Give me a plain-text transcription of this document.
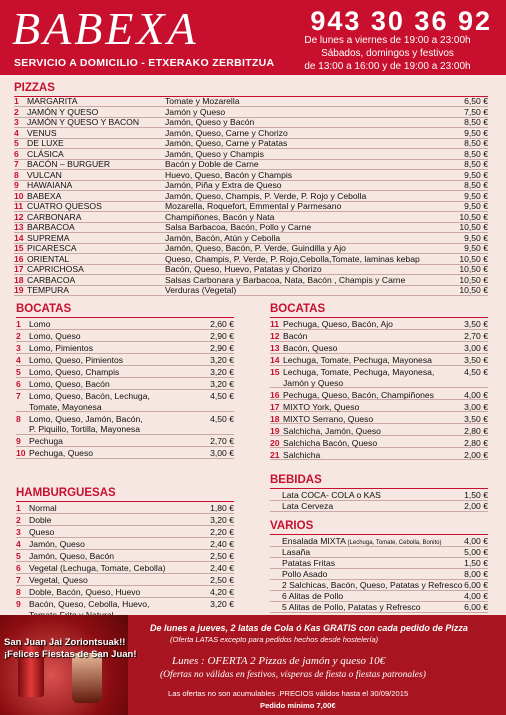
BABEXA
SERVICIO A DOMICILIO - ETXERAKO ZERBITZUA
943 30 36 92
De lunes a viernes de 19:00 a 23:00h
Sábados, domingos y festivos
de 13:00 a 16:00 y de 19:00 a 23:00h
PIZZAS
1 MARGARITA	Tomate y Mozarella	6,50 €
2 JAMÓN Y QUESO	Jamón y Queso	7,50 €
3 JAMÓN Y QUESO Y BACON	Jamón, Queso y Bacón	8,50 €
4 VENUS	Jamón, Queso, Carne y Chorizo	9,50 €
5 DE LUXE	Jamón, Queso, Carne y Patatas	8,50 €
6 CLÁSICA	Jamón, Queso y Champis	8,50 €
7 BACÓN – BURGUER	Bacón y Doble de Carne	8,50 €
8 VULCAN	Huevo, Queso, Bacón y Champis	9,50 €
9 HAWAIANA	Jamón, Piña y Extra de Queso	8,50 €
10 BABEXA	Jamón, Queso, Champis, P. Verde, P. Rojo y Cebolla	9,50 €
11 CUATRO QUESOS	Mozarella, Roquefort, Emmental y Parmesano	9,50 €
12 CARBONARA	Champiñones, Bacón y Nata	10,50 €
13 BARBACOA	Salsa Barbacoa, Bacón, Pollo y Carne	10,50 €
14 SUPREMA	Jamón, Bacón, Atún y Cebolla	9,50 €
15 PICARESCA	Jamón, Queso, Bacón, P. Verde, Guindilla y Ajo	9,50 €
16 ORIENTAL	Queso, Champis, P. Verde, P. Rojo,Cebolla,Tomate, laminas kebap	10,50 €
17 CAPRICHOSA	Bacón, Queso, Huevo, Patatas y Chorizo	10,50 €
18 CARBACOA	Salsas Carbonara y Barbacoa, Nata, Bacón , Champis y Carne	10,50 €
19 TEMPURA	Verduras (Vegetal)	10,50 €
BOCATAS
1 Lomo	2,60 €
2 Lomo, Queso	2,90 €
3 Lomo, Pimientos	2,90 €
4 Lomo, Queso, Pimientos	3,20 €
5 Lomo, Queso, Champis	3,20 €
6 Lomo, Queso, Bacón	3,20 €
7 Lomo, Queso, Bacón, Lechuga,
Tomate, Mayonesa
4,50 €
8 Lomo, Queso, Jamón, Bacón,
P. Piquillo, Tortilla, Mayonesa
4,50 €
9 Pechuga	2,70 €
10 Pechuga, Queso	3,00 €
BOCATAS
11 Pechuga, Queso, Bacón, Ajo	3,50 €
12 Bacón	2,70 €
13 Bacón, Queso	3,00 €
14 Lechuga, Tomate, Pechuga, Mayonesa	3,50 €
15 Lechuga, Tomate, Pechuga, Mayonesa,
Jamón y Queso
4,50 €
16 Pechuga, Queso, Bacón, Champiñones	4,00 €
17 MIXTO York, Queso	3,00 €
18 MIXTO Serrano, Queso	3,50 €
19 Salchicha, Jamón, Queso	2,80 €
20 Salchicha Bacón, Queso	2,80 €
21 Salchicha	2,00 €
HAMBURGUESAS
1 Normal	1,80 €
2 Doble	3,20 €
3 Queso	2,20 €
4 Jamón, Queso	2,40 €
5 Jamón, Queso, Bacón	2,50 €
6 Vegetal (Lechuga, Tomate, Cebolla)	2,40 €
7 Vegetal, Queso	2,50 €
8 Doble, Bacón, Queso, Huevo	4,20 €
9 Bacón, Queso, Cebolla, Huevo,	3,20 €
BEBIDAS
Lata COCA- COLA o KAS	1,50 €
Lata Cerveza	2,00 €
VARIOS
Ensalada MIXTA (Lechuga, Tomate, Cebolla, Bonito)	4,00 €
Lasaña	5,00 €
Patatas Fritas	1,50 €
Pollo Asado	8,00 €
2 Salchicas, Bacón, Queso, Patatas y Refresco 6,00 €
6 Alitas de Pollo	4,00 €
5 Alitas de Pollo, Patatas y Refresco	6,00 €
San Juan Jai Zoriontsuak!!
¡Felices Fiestas de San Juan!
De lunes a jueves, 2 latas de Cola ó Kas GRATIS con cada pedido de Pizza
(Oferta LATAS excepto para pedidos hechos desde hostelería)
Lunes : OFERTA 2 Pizzas de jamón y queso 10€
(Ofertas no válidas en festivos, vísperas de fiesta o fiestas patronales)
Las ofertas no son acumulables .PRECIOS válidos hasta el 30/09/2015
Pedido mínimo 7,00€
